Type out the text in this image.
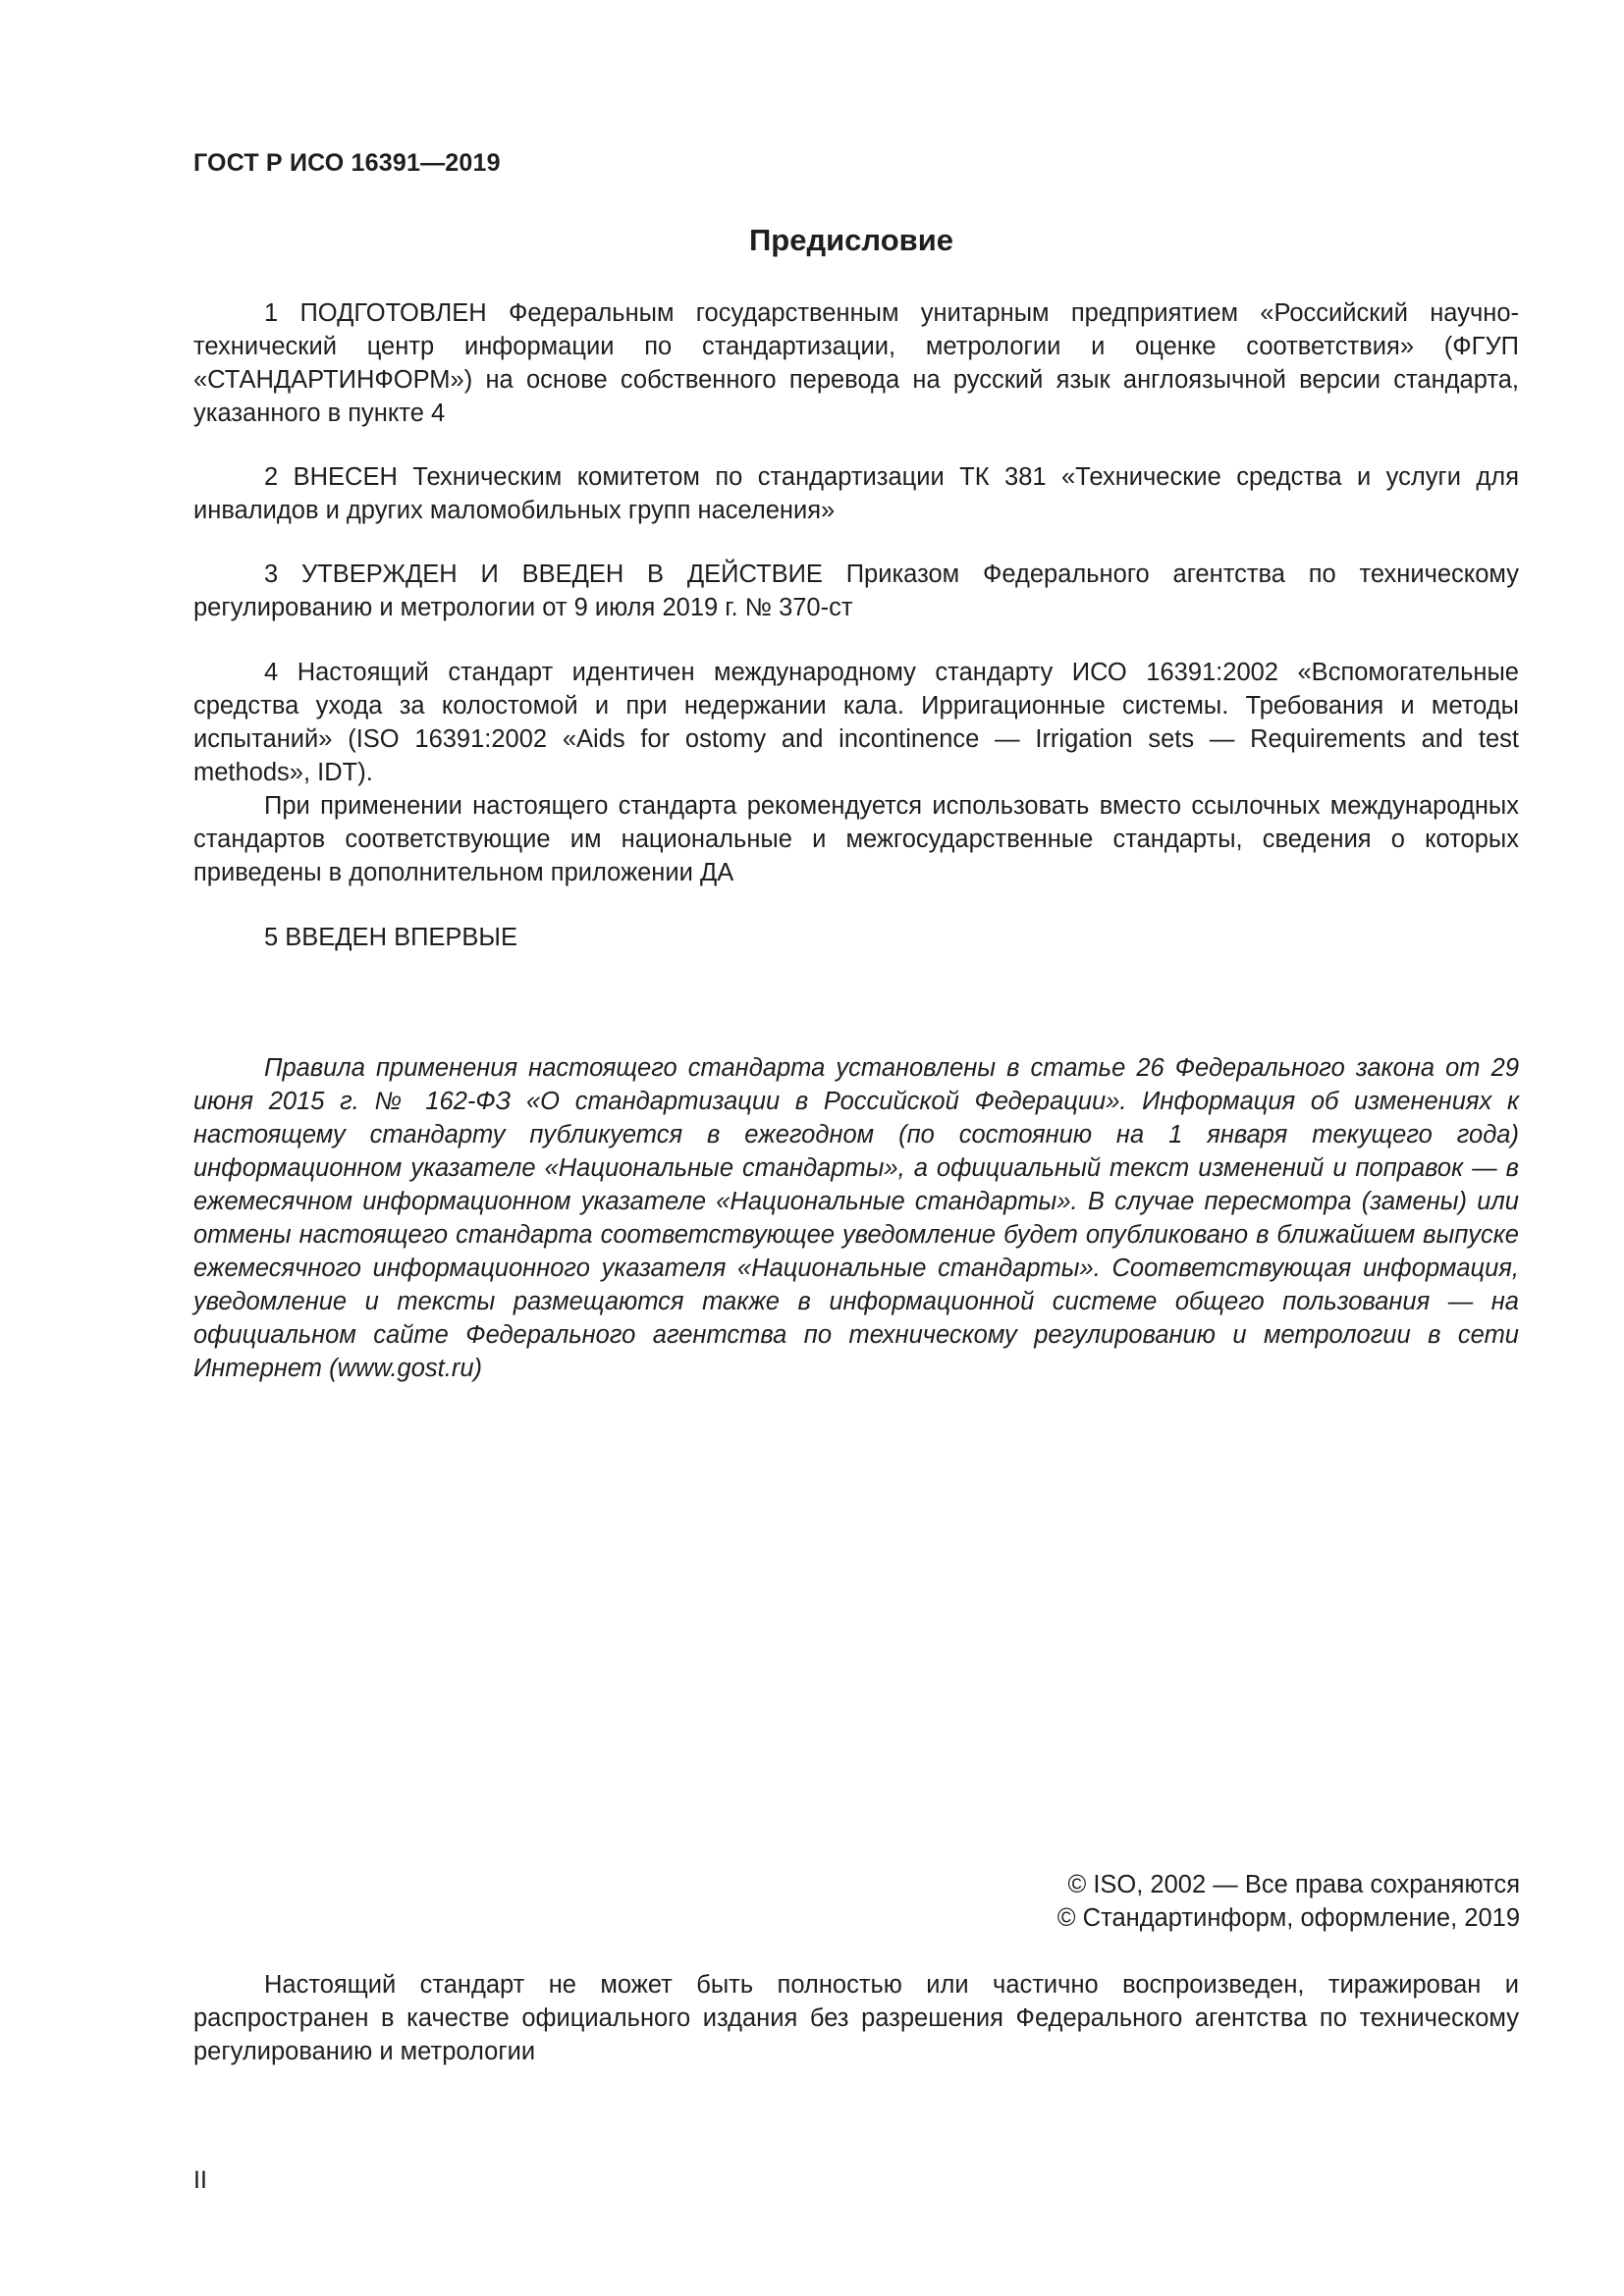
ГОСТ Р ИСО 16391—2019
Предисловие

1 ПОДГОТОВЛЕН Федеральным государственным унитарным предприятием «Российский научно-технический центр информации по стандартизации, метрологии и оценке соответствия» (ФГУП «СТАНДАРТИНФОРМ») на основе собственного перевода на русский язык англоязычной версии стандарта, указанного в пункте 4

2 ВНЕСЕН Техническим комитетом по стандартизации ТК 381 «Технические средства и услуги для инвалидов и других маломобильных групп населения»

3 УТВЕРЖДЕН И ВВЕДЕН В ДЕЙСТВИЕ Приказом Федерального агентства по техническому регулированию и метрологии от 9 июля 2019 г. № 370-ст

4 Настоящий стандарт идентичен международному стандарту ИСО 16391:2002 «Вспомогательные средства ухода за колостомой и при недержании кала. Ирригационные системы. Требования и методы испытаний» (ISO 16391:2002 «Aids for ostomy and incontinence — Irrigation sets — Requirements and test methods», IDT).

При применении настоящего стандарта рекомендуется использовать вместо ссылочных международных стандартов соответствующие им национальные и межгосударственные стандарты, сведения о которых приведены в дополнительном приложении ДА

5 ВВЕДЕН ВПЕРВЫЕ

Правила применения настоящего стандарта установлены в статье 26 Федерального закона от 29 июня 2015 г. № 162-ФЗ «О стандартизации в Российской Федерации». Информация об изменениях к настоящему стандарту публикуется в ежегодном (по состоянию на 1 января текущего года) информационном указателе «Национальные стандарты», а официальный текст изменений и поправок — в ежемесячном информационном указателе «Национальные стандарты». В случае пересмотра (замены) или отмены настоящего стандарта соответствующее уведомление будет опубликовано в ближайшем выпуске ежемесячного информационного указателя «Национальные стандарты». Соответствующая информация, уведомление и тексты размещаются также в информационной системе общего пользования — на официальном сайте Федерального агентства по техническому регулированию и метрологии в сети Интернет (www.gost.ru)

© ISO, 2002 — Все права сохраняются
© Стандартинформ, оформление, 2019

Настоящий стандарт не может быть полностью или частично воспроизведен, тиражирован и распространен в качестве официального издания без разрешения Федерального агентства по техническому регулированию и метрологии

II
